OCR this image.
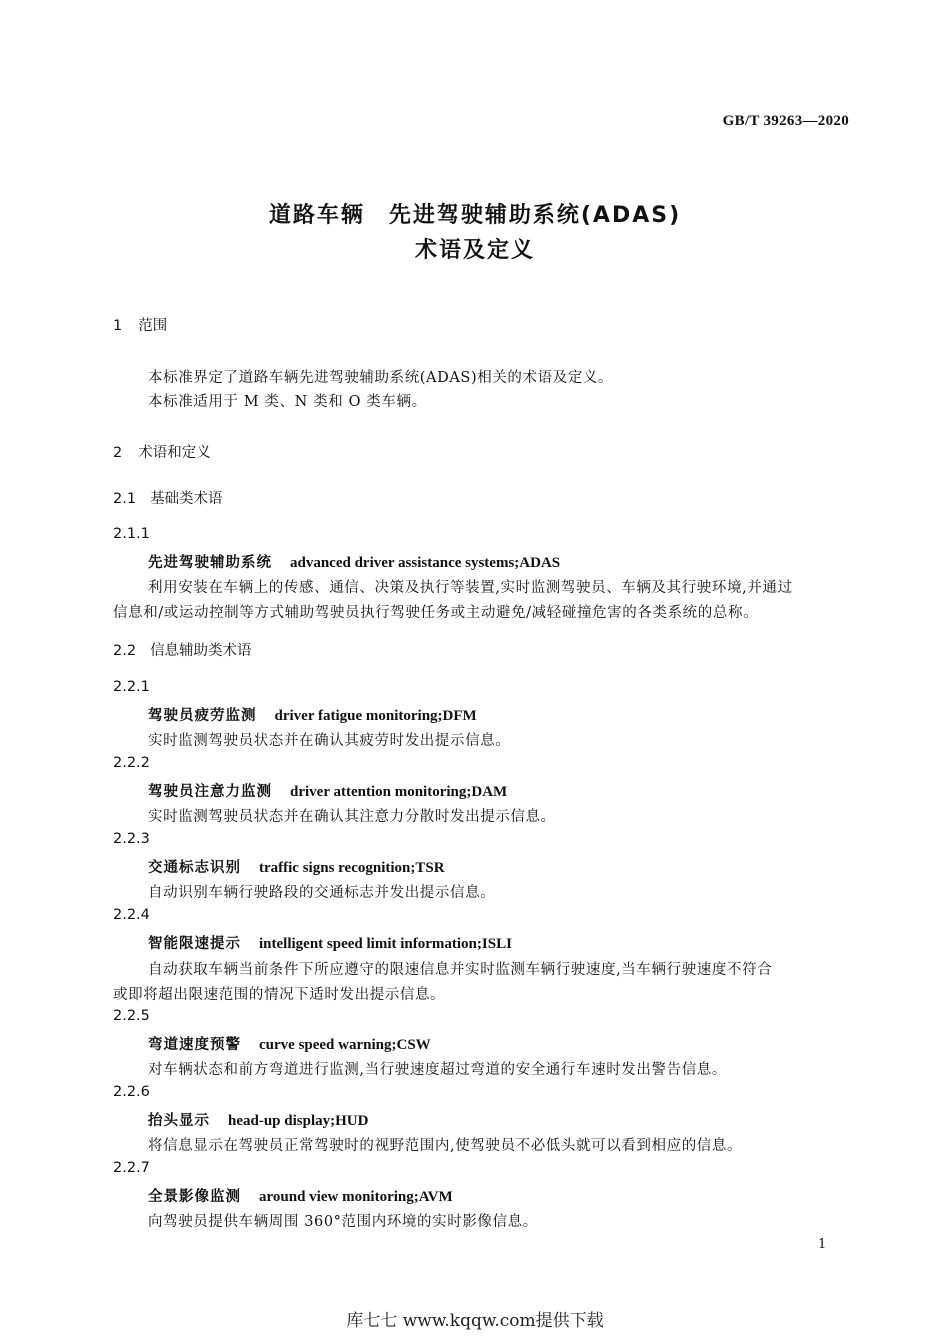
GB/T 39263—2020
道路车辆　先进驾驶辅助系统(ADAS)
术语及定义
1 范围
本标准界定了道路车辆先进驾驶辅助系统(ADAS)相关的术语及定义。
本标准适用于 M 类、N 类和 O 类车辆。
2 术语和定义
2.1 基础类术语
2.1.1
先进驾驶辅助系统 advanced driver assistance systems;ADAS
利用安装在车辆上的传感、通信、决策及执行等装置,实时监测驾驶员、车辆及其行驶环境,并通过
信息和/或运动控制等方式辅助驾驶员执行驾驶任务或主动避免/减轻碰撞危害的各类系统的总称。
2.2 信息辅助类术语
2.2.1
驾驶员疲劳监测 driver fatigue monitoring;DFM
实时监测驾驶员状态并在确认其疲劳时发出提示信息。
2.2.2
驾驶员注意力监测 driver attention monitoring;DAM
实时监测驾驶员状态并在确认其注意力分散时发出提示信息。
2.2.3
交通标志识别 traffic signs recognition;TSR
自动识别车辆行驶路段的交通标志并发出提示信息。
2.2.4
智能限速提示 intelligent speed limit information;ISLI
自动获取车辆当前条件下所应遵守的限速信息并实时监测车辆行驶速度,当车辆行驶速度不符合
或即将超出限速范围的情况下适时发出提示信息。
2.2.5
弯道速度预警 curve speed warning;CSW
对车辆状态和前方弯道进行监测,当行驶速度超过弯道的安全通行车速时发出警告信息。
2.2.6
抬头显示 head-up display;HUD
将信息显示在驾驶员正常驾驶时的视野范围内,使驾驶员不必低头就可以看到相应的信息。
2.2.7
全景影像监测 around view monitoring;AVM
向驾驶员提供车辆周围 360°范围内环境的实时影像信息。
1
库七七 www.kqqw.com提供下载
